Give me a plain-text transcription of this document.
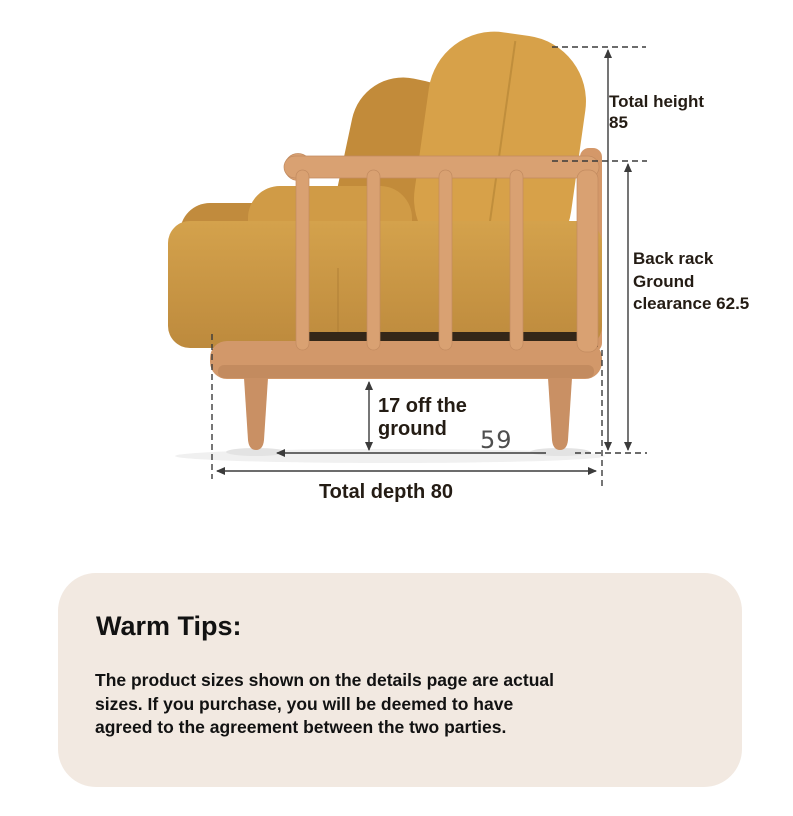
Total height 85
Back rack
Ground clearance 62.5
17 off the ground	59
Total depth 80
Warm Tips:
The product sizes shown on the details page are actual
sizes. If you purchase, you will be deemed to have
agreed to the agreement between the two parties.
